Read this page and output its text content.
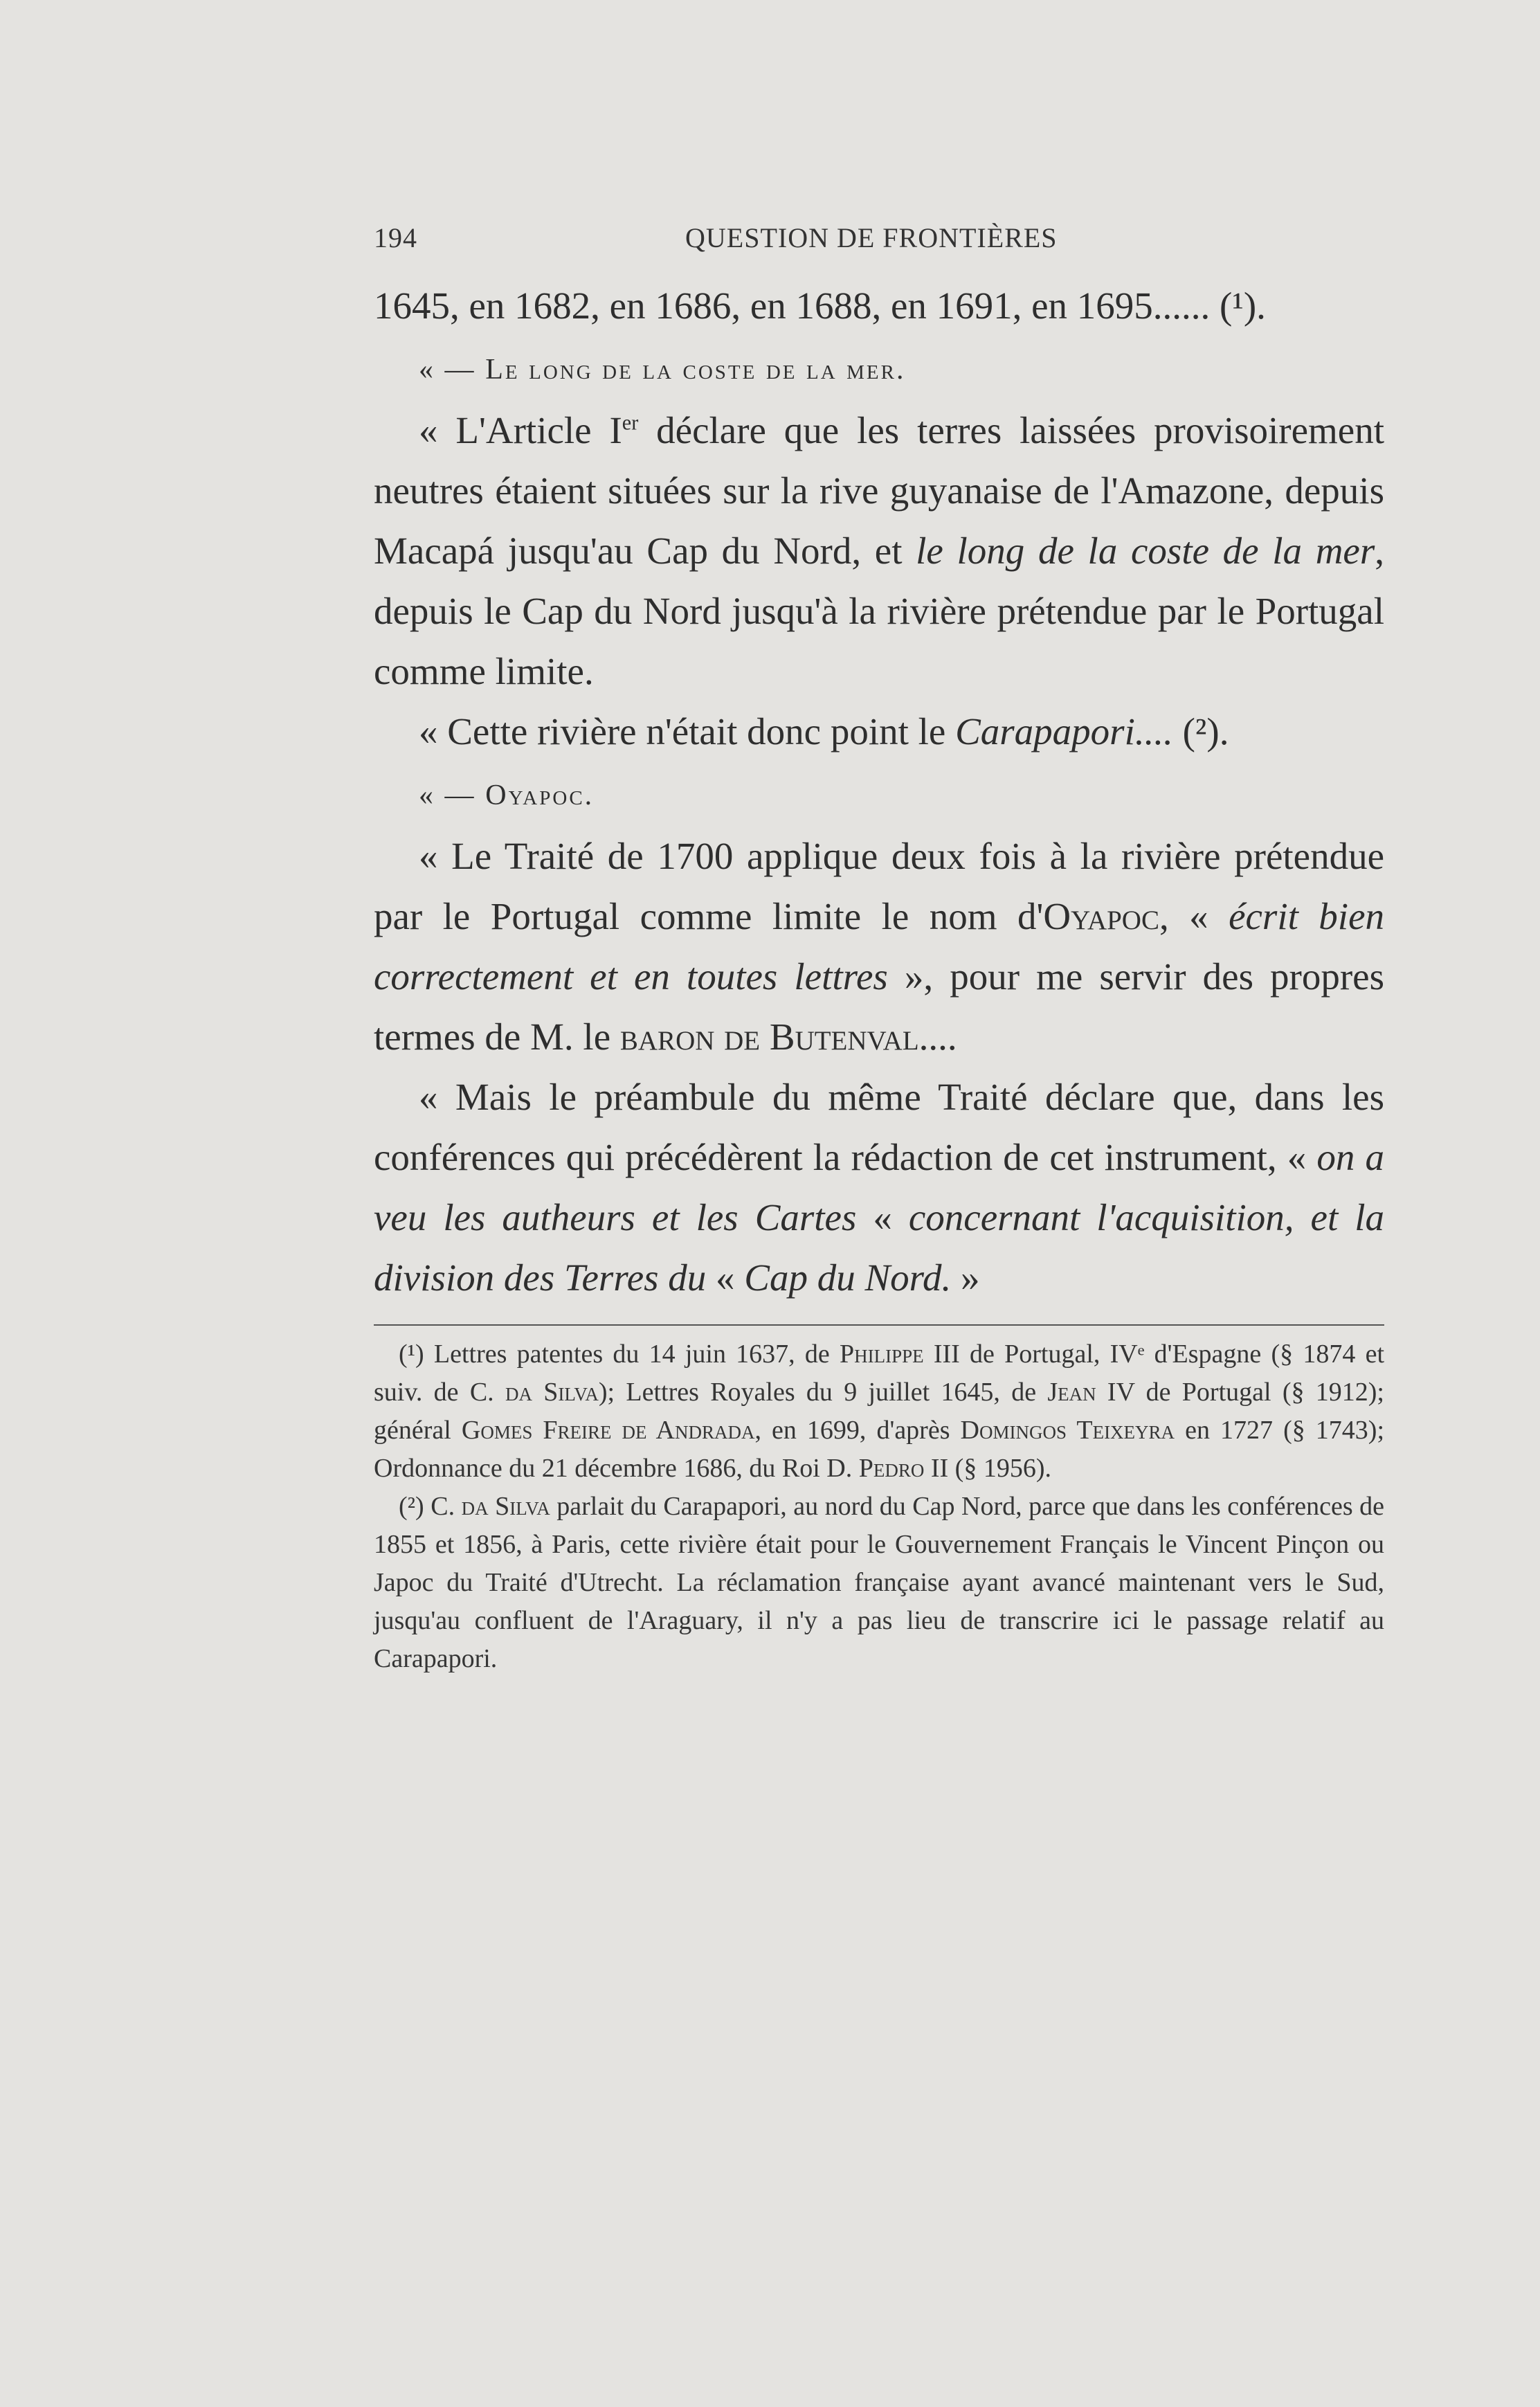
194	QUESTION DE FRONTIÈRES

1645, en 1682, en 1686, en 1688, en 1691, en 1695...... (¹).

« — Le long de la coste de la mer.

« L'Article Ier déclare que les terres laissées provisoirement neutres étaient situées sur la rive guyanaise de l'Amazone, depuis Macapá jusqu'au Cap du Nord, et le long de la coste de la mer, depuis le Cap du Nord jusqu'à la rivière prétendue par le Portugal comme limite.

« Cette rivière n'était donc point le Carapapori.... (²).

« — Oyapoc.

« Le Traité de 1700 applique deux fois à la rivière prétendue par le Portugal comme limite le nom d'Oyapoc, « écrit bien correctement et en toutes lettres », pour me servir des propres termes de M. le baron de Butenval....

« Mais le préambule du même Traité déclare que, dans les conférences qui précédèrent la rédaction de cet instrument, « on a veu les autheurs et les Cartes « concernant l'acquisition, et la division des Terres du « Cap du Nord. »

(¹) Lettres patentes du 14 juin 1637, de Philippe III de Portugal, IVᵉ d'Espagne (§ 1874 et suiv. de C. da Silva); Lettres Royales du 9 juillet 1645, de Jean IV de Portugal (§ 1912); général Gomes Freire de Andrada, en 1699, d'après Domingos Teixeyra en 1727 (§ 1743); Ordonnance du 21 décembre 1686, du Roi D. Pedro II (§ 1956).

(²) C. da Silva parlait du Carapapori, au nord du Cap Nord, parce que dans les conférences de 1855 et 1856, à Paris, cette rivière était pour le Gouvernement Français le Vincent Pinçon ou Japoc du Traité d'Utrecht. La réclamation française ayant avancé maintenant vers le Sud, jusqu'au confluent de l'Araguary, il n'y a pas lieu de transcrire ici le passage relatif au Carapapori.
